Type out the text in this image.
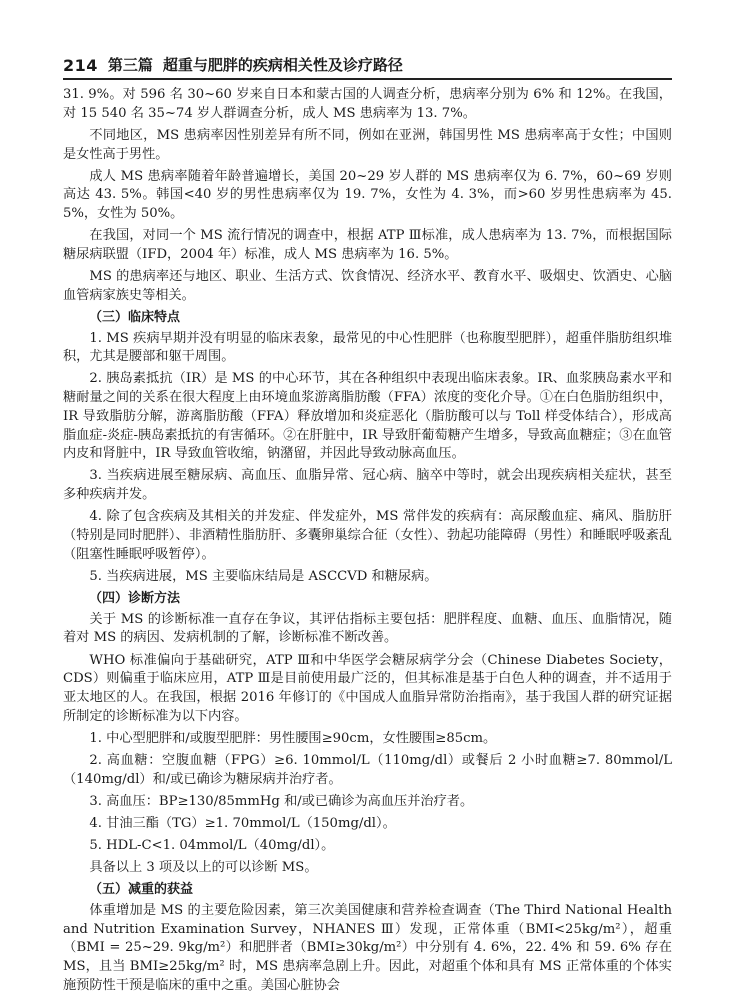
214 第三篇 超重与肥胖的疾病相关性及诊疗路径

31. 9%。对 596 名 30~60 岁来自日本和蒙古国的人调查分析，患病率分别为 6% 和 12%。在我国，对 15 540 名 35~74 岁人群调查分析，成人 MS 患病率为 13. 7%。

不同地区，MS 患病率因性别差异有所不同，例如在亚洲，韩国男性 MS 患病率高于女性；中国则是女性高于男性。

成人 MS 患病率随着年龄普遍增长，美国 20~29 岁人群的 MS 患病率仅为 6. 7%，60~69 岁则高达 43. 5%。韩国<40 岁的男性患病率仅为 19. 7%，女性为 4. 3%，而>60 岁男性患病率为 45. 5%，女性为 50%。

在我国，对同一个 MS 流行情况的调查中，根据 ATP Ⅲ标准，成人患病率为 13. 7%，而根据国际糖尿病联盟（IFD，2004 年）标准，成人 MS 患病率为 16. 5%。

MS 的患病率还与地区、职业、生活方式、饮食情况、经济水平、教育水平、吸烟史、饮酒史、心脑血管病家族史等相关。

（三）临床特点

1. MS 疾病早期并没有明显的临床表象，最常见的中心性肥胖（也称腹型肥胖），超重伴脂肪组织堆积，尤其是腰部和躯干周围。

2. 胰岛素抵抗（IR）是 MS 的中心环节，其在各种组织中表现出临床表象。IR、血浆胰岛素水平和糖耐量之间的关系在很大程度上由环境血浆游离脂肪酸（FFA）浓度的变化介导。①在白色脂肪组织中，IR 导致脂肪分解，游离脂肪酸（FFA）释放增加和炎症恶化（脂肪酸可以与 Toll 样受体结合），形成高脂血症-炎症-胰岛素抵抗的有害循环。②在肝脏中，IR 导致肝葡萄糖产生增多，导致高血糖症；③在血管内皮和肾脏中，IR 导致血管收缩，钠潴留，并因此导致动脉高血压。

3. 当疾病进展至糖尿病、高血压、血脂异常、冠心病、脑卒中等时，就会出现疾病相关症状，甚至多种疾病并发。

4. 除了包含疾病及其相关的并发症、伴发症外，MS 常伴发的疾病有：高尿酸血症、痛风、脂肪肝（特别是同时肥胖）、非酒精性脂肪肝、多囊卵巢综合征（女性）、勃起功能障碍（男性）和睡眠呼吸紊乱（阻塞性睡眠呼吸暂停）。

5. 当疾病进展，MS 主要临床结局是 ASCCVD 和糖尿病。

（四）诊断方法

关于 MS 的诊断标准一直存在争议，其评估指标主要包括：肥胖程度、血糖、血压、血脂情况，随着对 MS 的病因、发病机制的了解，诊断标准不断改善。

WHO 标准偏向于基础研究，ATP Ⅲ和中华医学会糖尿病学分会（Chinese Diabetes Society，CDS）则偏重于临床应用，ATP Ⅲ是目前使用最广泛的，但其标准是基于白色人种的调查，并不适用于亚太地区的人。在我国，根据 2016 年修订的《中国成人血脂异常防治指南》，基于我国人群的研究证据所制定的诊断标准为以下内容。

1. 中心型肥胖和/或腹型肥胖：男性腰围≥90cm，女性腰围≥85cm。

2. 高血糖：空腹血糖（FPG）≥6. 10mmol/L（110mg/dl）或餐后 2 小时血糖≥7. 80mmol/L（140mg/dl）和/或已确诊为糖尿病并治疗者。

3. 高血压：BP≥130/85mmHg 和/或已确诊为高血压并治疗者。

4. 甘油三酯（TG）≥1. 70mmol/L（150mg/dl）。

5. HDL-C<1. 04mmol/L（40mg/dl）。

具备以上 3 项及以上的可以诊断 MS。

（五）减重的获益

体重增加是 MS 的主要危险因素，第三次美国健康和营养检查调查（The Third National Health and Nutrition Examination Survey，NHANES Ⅲ）发现，正常体重（BMI<25kg/m²），超重（BMI = 25~29. 9kg/m²）和肥胖者（BMI≥30kg/m²）中分别有 4. 6%，22. 4% 和 59. 6% 存在 MS，且当 BMI≥25kg/m² 时，MS 患病率急剧上升。因此，对超重个体和具有 MS 正常体重的个体实施预防性干预是临床的重中之重。美国心脏协会
